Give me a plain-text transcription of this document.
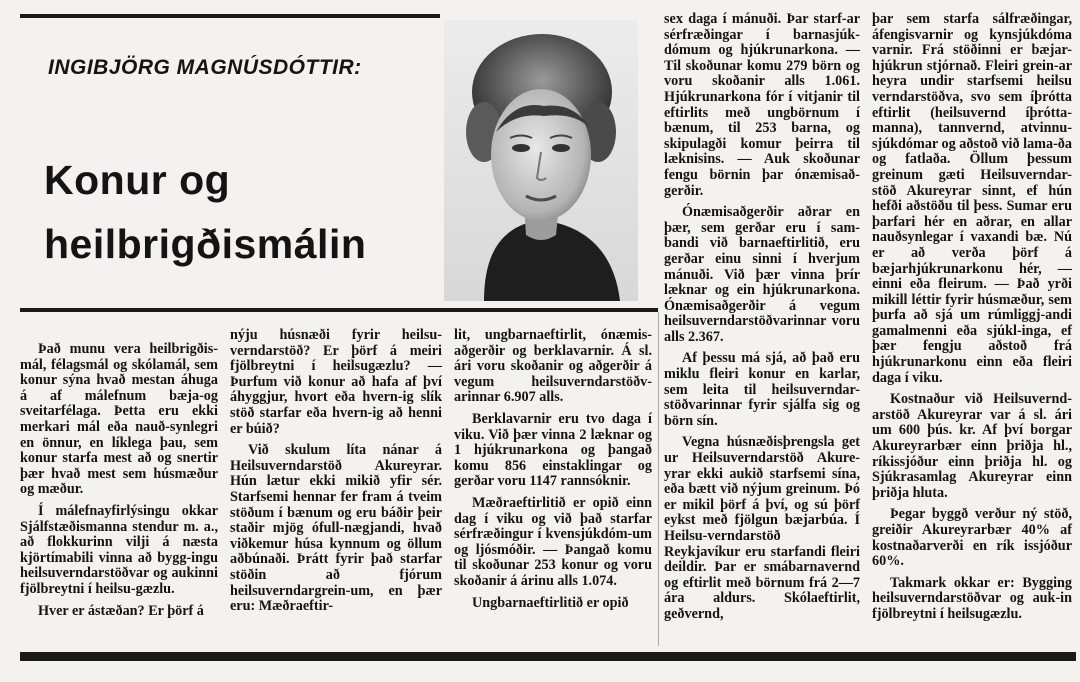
INGIBJÖRG MAGNÚSDÓTTIR:
Konur og
heilbrigðismálin

Það munu vera heilbrigðis-mál, félagsmál og skólamál, sem konur sýna hvað mestan áhuga á af málefnum bæja-og sveitarfélaga. Þetta eru ekki merkari mál eða nauð-synlegri en önnur, en líklega þau, sem konur starfa mest að og snertir þær hvað mest sem húsmæður og mæður.

Í málefnayfirlýsingu okkar Sjálfstæðismanna stendur m. a., að flokkurinn vilji á næsta kjörtímabili vinna að bygg-ingu heilsuverndarstöðvar og aukinni fjölbreytni í heilsu-gæzlu.

Hver er ástæðan? Er þörf á

nýju húsnæði fyrir heilsu-verndarstöð? Er þörf á meiri fjölbreytni í heilsugæzlu? — Þurfum við konur að hafa af því áhyggjur, hvort eða hvern-ig slík stöð starfar eða hvern-ig að henni er búið?

Við skulum líta nánar á Heilsuverndarstöð Akureyrar. Hún lætur ekki mikið yfir sér. Starfsemi hennar fer fram á tveim stöðum í bænum og eru báðir þeir staðir mjög ófull-nægjandi, hvað viðkemur húsa kynnum og öllum aðbúnaði. Þrátt fyrir það starfar stöðin að fjórum heilsuverndargrein-um, en þær eru: Mæðraeftir-

lit, ungbarnaeftirlit, ónæmis-aðgerðir og berklavarnir. Á sl. ári voru skoðanir og aðgerðir á vegum heilsuverndarstöðv-arinnar 6.907 alls.

Berklavarnir eru tvo daga í viku. Við þær vinna 2 læknar og 1 hjúkrunarkona og þangað komu 856 einstaklingar og gerðar voru 1147 rannsóknir.

Mæðraeftirlitið er opið einn dag í viku og við það starfar sérfræðingur í kvensjúkdóm-um og ljósmóðir. — Þangað komu til skoðunar 253 konur og voru skoðanir á árinu alls 1.074.

Ungbarnaeftirlitið er opið

sex daga í mánuði. Þar starf-ar sérfræðingar í barnasjúk-dómum og hjúkrunarkona. — Til skoðunar komu 279 börn og voru skoðanir alls 1.061. Hjúkrunarkona fór í vitjanir til eftirlits með ungbörnum í bænum, til 253 barna, og skipulagði komur þeirra til læknisins. — Auk skoðunar fengu börnin þar ónæmisað-gerðir.

Ónæmisaðgerðir aðrar en þær, sem gerðar eru í sam-bandi við barnaeftirlitið, eru gerðar einu sinni í hverjum mánuði. Við þær vinna þrír læknar og ein hjúkrunarkona. Ónæmisaðgerðir á vegum heilsuverndarstöðvarinnar voru alls 2.367.

Af þessu má sjá, að það eru miklu fleiri konur en karlar, sem leita til heilsuverndar-stöðvarinnar fyrir sjálfa sig og börn sín.

Vegna húsnæðisþrengsla get ur Heilsuverndarstöð Akure-yrar ekki aukið starfsemi sína, eða bætt við nýjum greinum. Þó er mikil þörf á því, og sú þörf eykst með fjölgun bæjarbúa. Í Heilsu-verndarstöð Reykjavíkur eru starfandi fleiri deildir. Þar er smábarnavernd og eftirlit með börnum frá 2—7 ára aldurs. Skólaeftirlit, geðvernd,

þar sem starfa sálfræðingar, áfengisvarnir og kynsjúkdóma varnir. Frá stöðinni er bæjar-hjúkrun stjórnað. Fleiri grein-ar heyra undir starfsemi heilsu verndarstöðva, svo sem íþrótta eftirlit (heilsuvernd íþrótta-manna), tannvernd, atvinnu-sjúkdómar og aðstoð við lama-ða og fatlaða. Öllum þessum greinum gæti Heilsuverndar-stöð Akureyrar sinnt, ef hún hefði aðstöðu til þess. Sumar eru þarfari hér en aðrar, en allar nauðsynlegar í vaxandi bæ. Nú er að verða þörf á bæjarhjúkrunarkonu hér, — einni eða fleirum. — Það yrði mikill léttir fyrir húsmæður, sem þurfa að sjá um rúmliggj-andi gamalmenni eða sjúkl-inga, ef þær fengju aðstoð frá hjúkrunarkonu einn eða fleiri daga í viku.

Kostnaður við Heilsuvernd-arstöð Akureyrar var á sl. ári um 600 þús. kr. Af því borgar Akureyrarbær einn þriðja hl., ríkissjóður einn þriðja hl. og Sjúkrasamlag Akureyrar einn þriðja hluta.

Þegar byggð verður ný stöð, greiðir Akureyrarbær 40% af kostnaðarverði en rík issjóður 60%.

Takmark okkar er: Bygging heilsuverndarstöðvar og auk-in fjölbreytni í heilsugæzlu.
